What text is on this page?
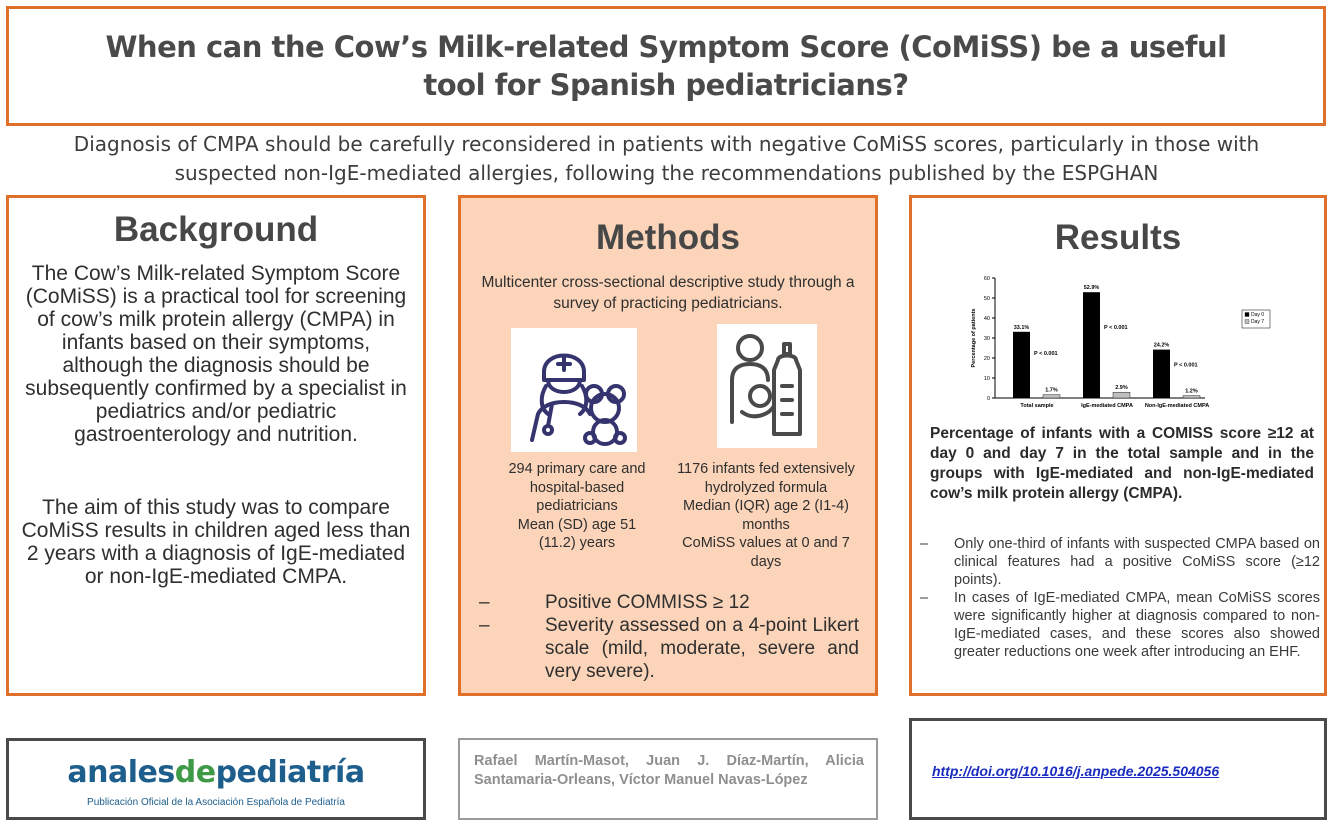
When can the Cow’s Milk-related Symptom Score (CoMiSS) be a useful tool for Spanish pediatricians?
Diagnosis of CMPA should be carefully reconsidered in patients with negative CoMiSS scores, particularly in those with suspected non-IgE-mediated allergies, following the recommendations published by the ESPGHAN
Background

The Cow’s Milk-related Symptom Score (CoMiSS) is a practical tool for screening of cow’s milk protein allergy (CMPA) in infants based on their symptoms, although the diagnosis should be subsequently confirmed by a specialist in pediatrics and/or pediatric gastroenterology and nutrition.

The aim of this study was to compare CoMiSS results in children aged less than 2 years with a diagnosis of IgE-mediated or non-IgE-mediated CMPA.

Methods

Multicenter cross-sectional descriptive study through a survey of practicing pediatricians.

294 primary care and
hospital-based
pediatricians
Mean (SD) age 51
(11.2) years
1176 infants fed extensively
hydrolyzed formula
Median (IQR) age 2 (I1-4)
months
CoMiSS values at 0 and 7
days
–	Positive COMMISS ≥ 12
–	Severity assessed on a 4-point Likert scale (mild, moderate, severe and very severe).
Results
0
10
20
30
40
50
60
Percentage of patients	33.1%
1.7%
P < 0.001
Total sample
52.9%
2.9%
P < 0.001
IgE-mediated CMPA
24.2%
1.2%
P < 0.001
Non-IgE-mediated CMPA
Day 0
Day 7

Percentage of infants with a COMISS score ≥12 at day 0 and day 7 in the total sample and in the groups with IgE-mediated and non-IgE-mediated cow’s milk protein allergy (CMPA).

–	Only one-third of infants with suspected CMPA based on clinical features had a positive CoMiSS score (≥12 points).
–	In cases of IgE-mediated CMPA, mean CoMiSS scores were significantly higher at diagnosis compared to non-IgE-mediated cases, and these scores also showed greater reductions one week after introducing an EHF.
analesdepediatría
Publicación Oficial de la Asociación Española de Pediatría

Rafael Martín-Masot, Juan J. Díaz-Martín, Alicia Santamaria-Orleans, Víctor Manuel Navas-López

http://doi.org/10.1016/j.anpede.2025.504056
